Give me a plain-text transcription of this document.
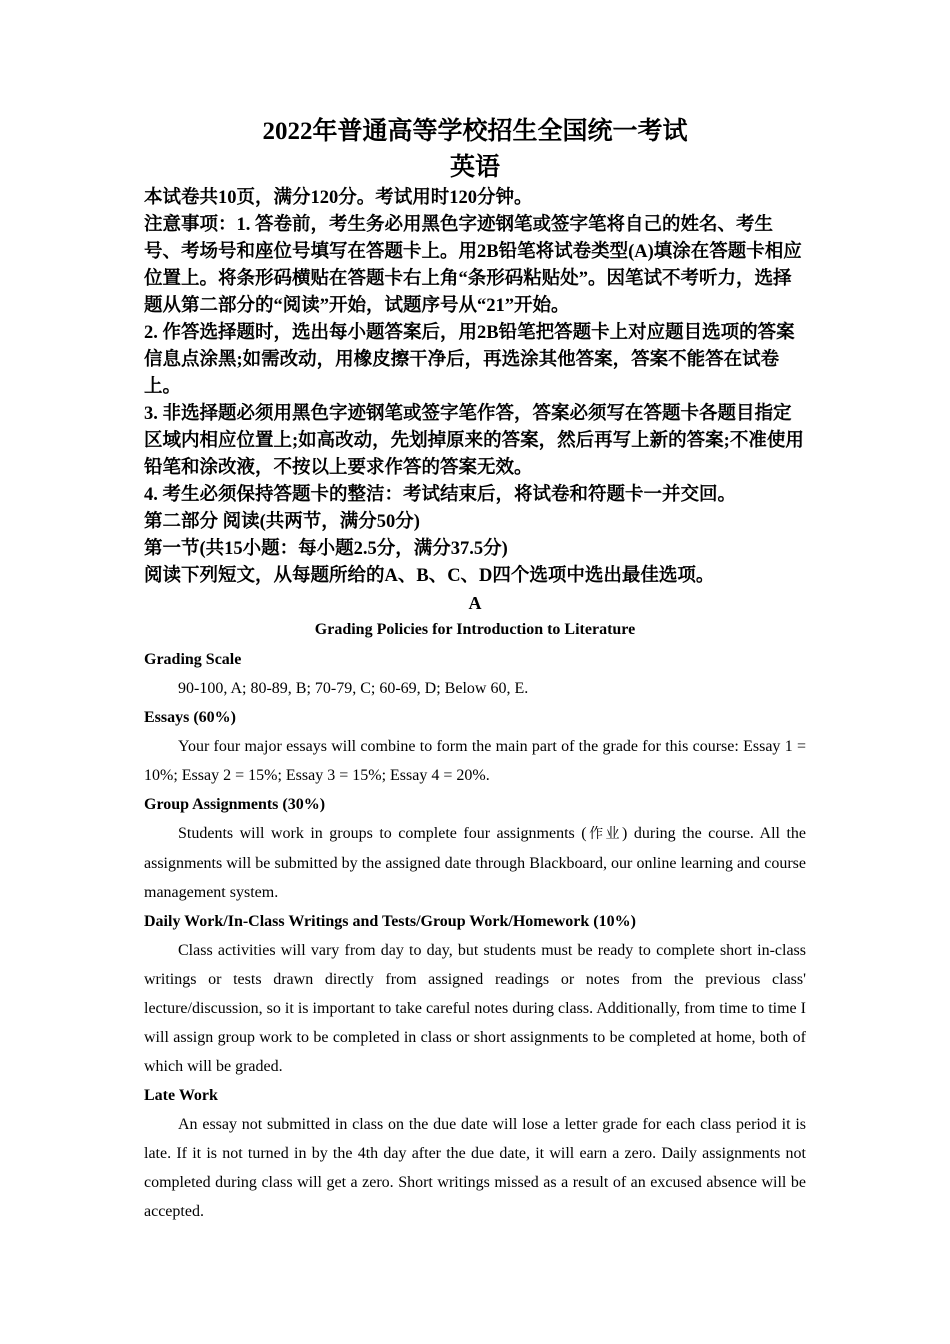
2022年普通高等学校招生全国统一考试
英语

本试卷共10页，满分120分。考试用时120分钟。

注意事项：1. 答卷前，考生务必用黑色字迹钢笔或签字笔将自己的姓名、考生号、考场号和座位号填写在答题卡上。用2B铅笔将试卷类型(A)填涂在答题卡相应位置上。将条形码横贴在答题卡右上角“条形码粘贴处”。因笔试不考听力，选择题从第二部分的“阅读”开始，试题序号从“21”开始。

2. 作答选择题时，选出每小题答案后，用2B铅笔把答题卡上对应题目选项的答案信息点涂黑;如需改动，用橡皮擦干净后，再选涂其他答案，答案不能答在试卷上。

3. 非选择题必须用黑色字迹钢笔或签字笔作答，答案必须写在答题卡各题目指定区域内相应位置上;如高改动，先划掉原来的答案，然后再写上新的答案;不准使用铅笔和涂改液，不按以上要求作答的答案无效。

4. 考生必须保持答题卡的整洁：考试结束后，将试卷和符题卡一并交回。

第二部分 阅读(共两节，满分50分)

第一节(共15小题：每小题2.5分，满分37.5分)

阅读下列短文，从每题所给的A、B、C、D四个选项中选出最佳选项。

A

Grading Policies for Introduction to Literature

Grading Scale

90-100, A; 80-89, B; 70-79, C; 60-69, D; Below 60, E.

Essays (60%)

Your four major essays will combine to form the main part of the grade for this course: Essay 1 = 10%; Essay 2 = 15%; Essay 3 = 15%; Essay 4 = 20%.

Group Assignments (30%)

Students will work in groups to complete four assignments (作业) during the course. All the assignments will be submitted by the assigned date through Blackboard, our online learning and course management system.

Daily Work/In-Class Writings and Tests/Group Work/Homework (10%)

Class activities will vary from day to day, but students must be ready to complete short in-class writings or tests drawn directly from assigned readings or notes from the previous class' lecture/discussion, so it is important to take careful notes during class. Additionally, from time to time I will assign group work to be completed in class or short assignments to be completed at home, both of which will be graded.

Late Work

An essay not submitted in class on the due date will lose a letter grade for each class period it is late. If it is not turned in by the 4th day after the due date, it will earn a zero. Daily assignments not completed during class will get a zero. Short writings missed as a result of an excused absence will be accepted.
